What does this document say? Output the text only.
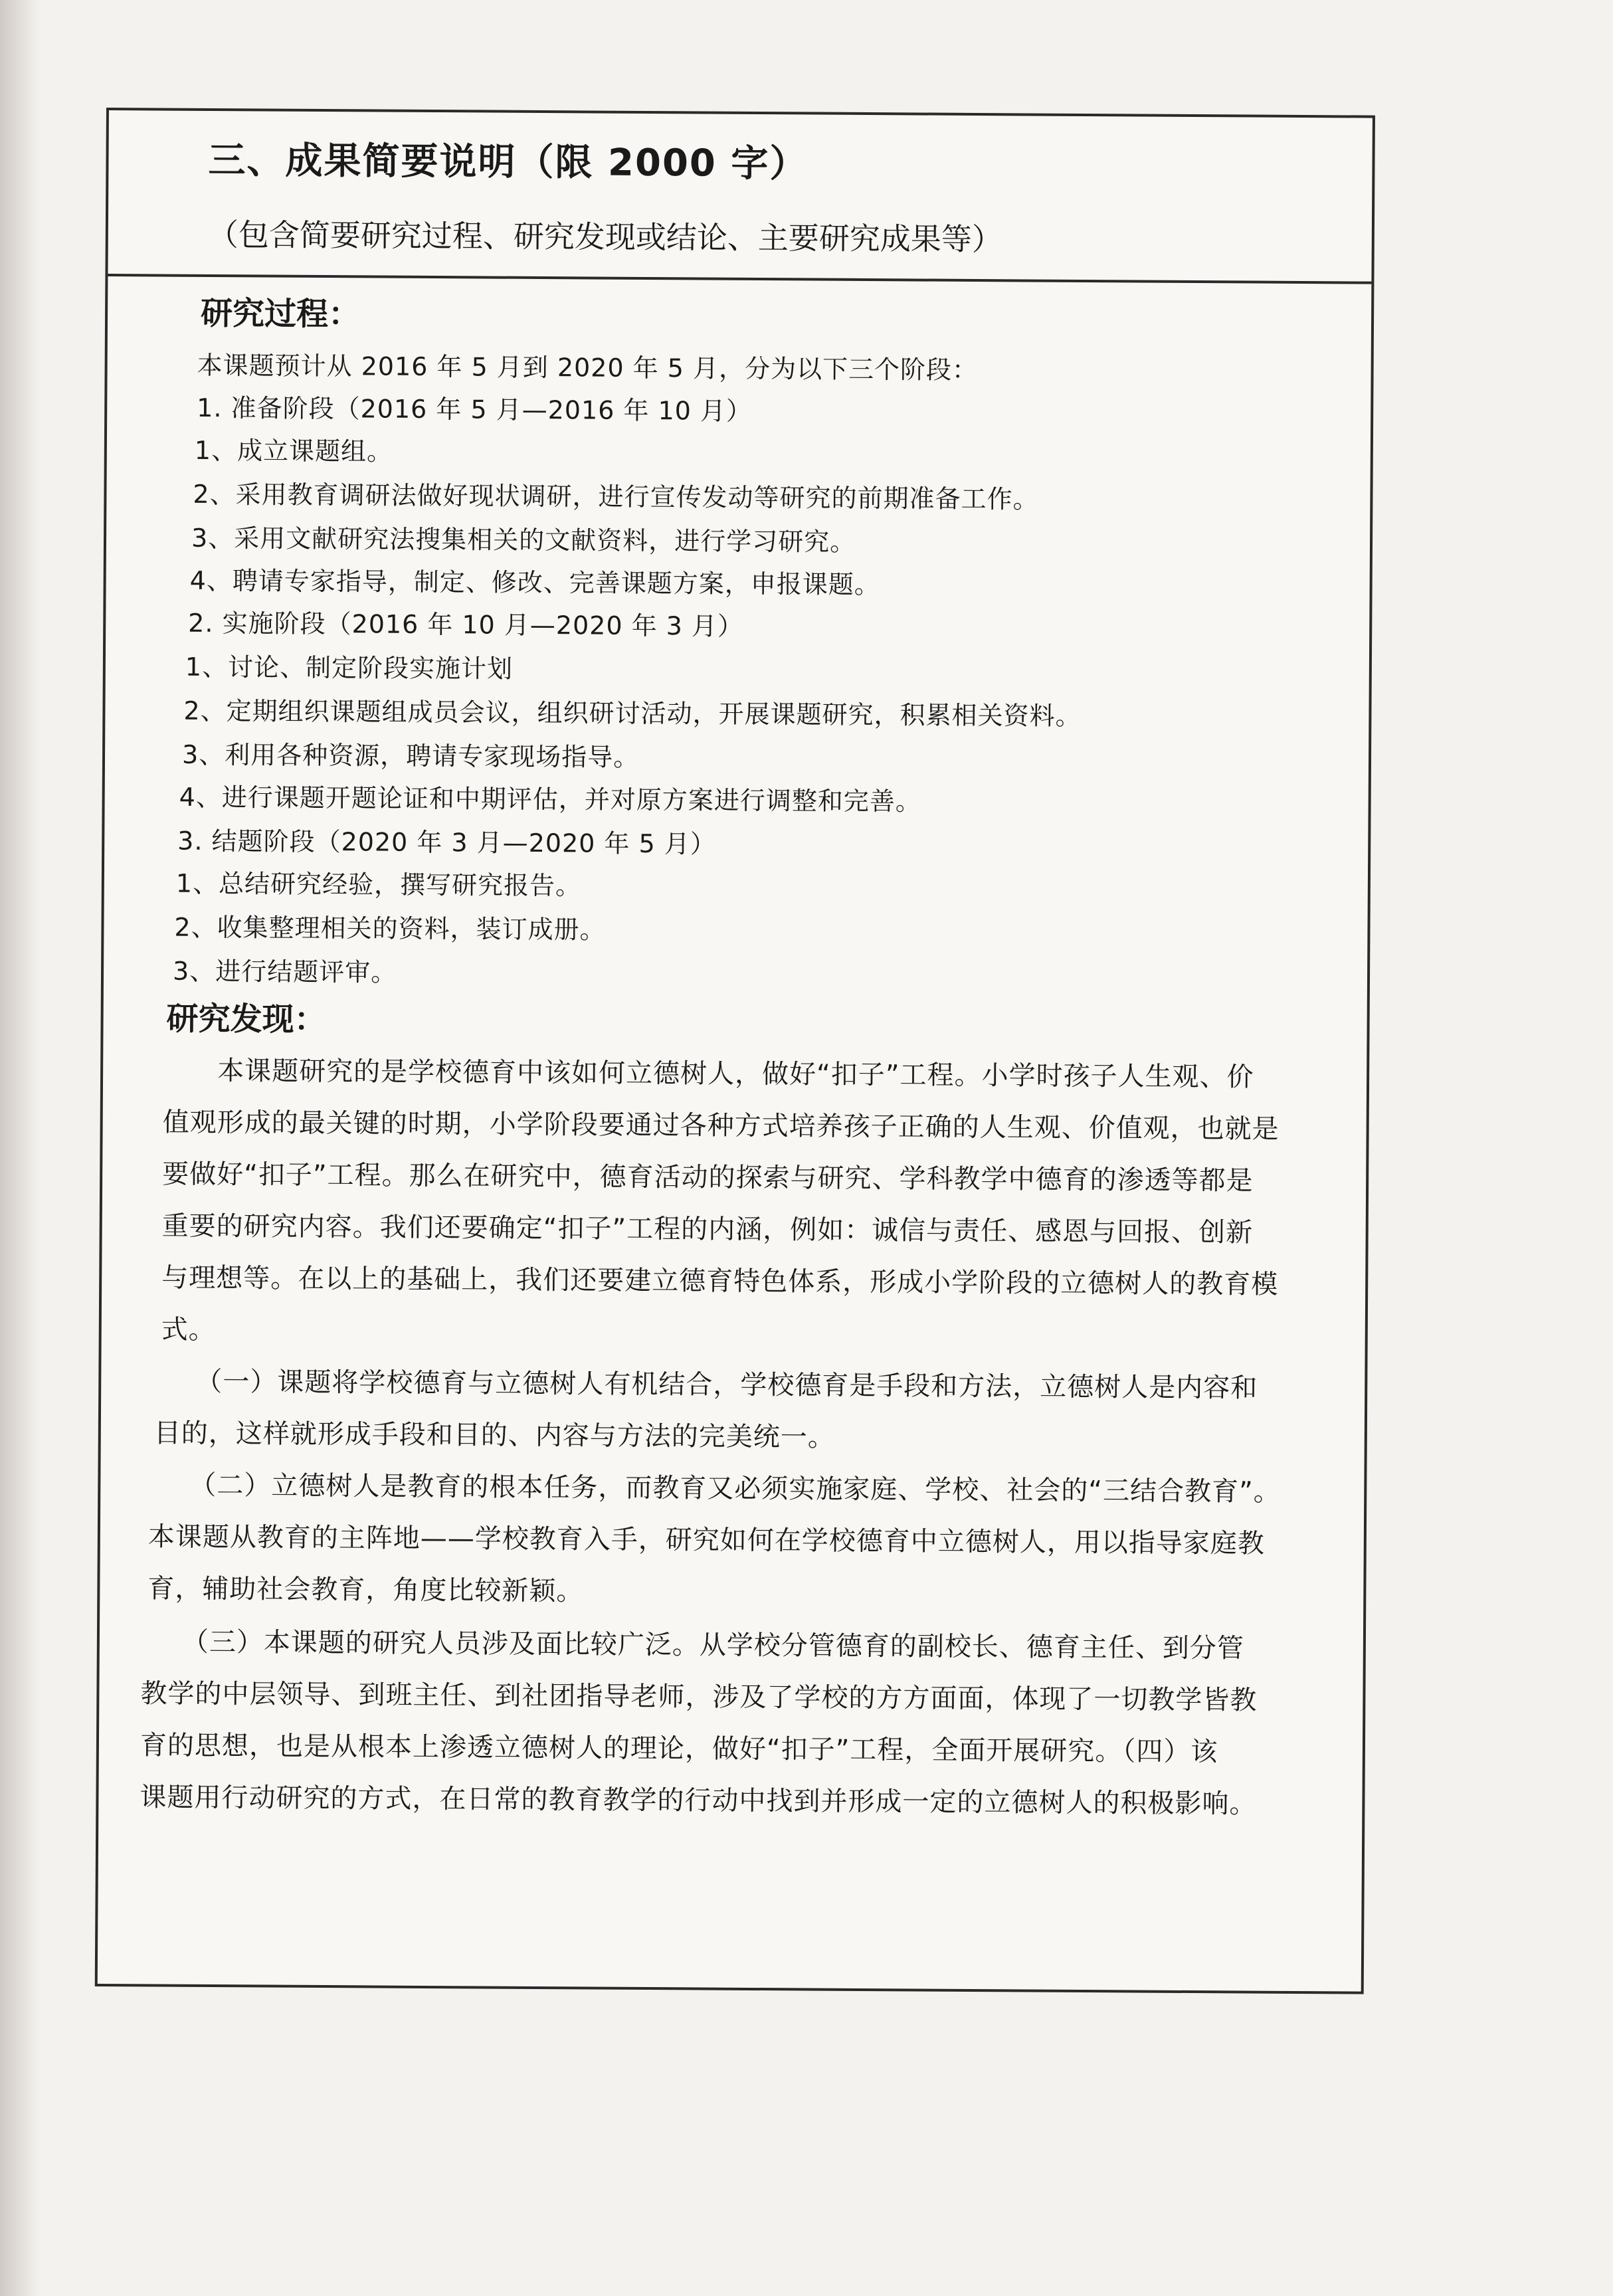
三、成果简要说明（限 2000 字）
（包含简要研究过程、研究发现或结论、主要研究成果等）
研究过程：
本课题预计从 2016 年 5 月到 2020 年 5 月，分为以下三个阶段：
1. 准备阶段（2016 年 5 月—2016 年 10 月）
1、成立课题组。
2、采用教育调研法做好现状调研，进行宣传发动等研究的前期准备工作。
3、采用文献研究法搜集相关的文献资料，进行学习研究。
4、聘请专家指导，制定、修改、完善课题方案，申报课题。
2. 实施阶段（2016 年 10 月—2020 年 3 月）
1、讨论、制定阶段实施计划
2、定期组织课题组成员会议，组织研讨活动，开展课题研究，积累相关资料。
3、利用各种资源，聘请专家现场指导。
4、进行课题开题论证和中期评估，并对原方案进行调整和完善。
3. 结题阶段（2020 年 3 月—2020 年 5 月）
1、总结研究经验，撰写研究报告。
2、收集整理相关的资料，装订成册。
3、进行结题评审。
研究发现：
　　本课题研究的是学校德育中该如何立德树人，做好“扣子”工程。小学时孩子人生观、价
值观形成的最关键的时期，小学阶段要通过各种方式培养孩子正确的人生观、价值观，也就是
要做好“扣子”工程。那么在研究中，德育活动的探索与研究、学科教学中德育的渗透等都是
重要的研究内容。我们还要确定“扣子”工程的内涵，例如：诚信与责任、感恩与回报、创新
与理想等。在以上的基础上，我们还要建立德育特色体系，形成小学阶段的立德树人的教育模
式。
　　（一）课题将学校德育与立德树人有机结合，学校德育是手段和方法，立德树人是内容和
目的，这样就形成手段和目的、内容与方法的完美统一。
　　（二）立德树人是教育的根本任务，而教育又必须实施家庭、学校、社会的“三结合教育”。
本课题从教育的主阵地——学校教育入手，研究如何在学校德育中立德树人，用以指导家庭教
育，辅助社会教育，角度比较新颖。
　　（三）本课题的研究人员涉及面比较广泛。从学校分管德育的副校长、德育主任、到分管
教学的中层领导、到班主任、到社团指导老师，涉及了学校的方方面面，体现了一切教学皆教
育的思想，也是从根本上渗透立德树人的理论，做好“扣子”工程，全面开展研究。（四）该
课题用行动研究的方式，在日常的教育教学的行动中找到并形成一定的立德树人的积极影响。
